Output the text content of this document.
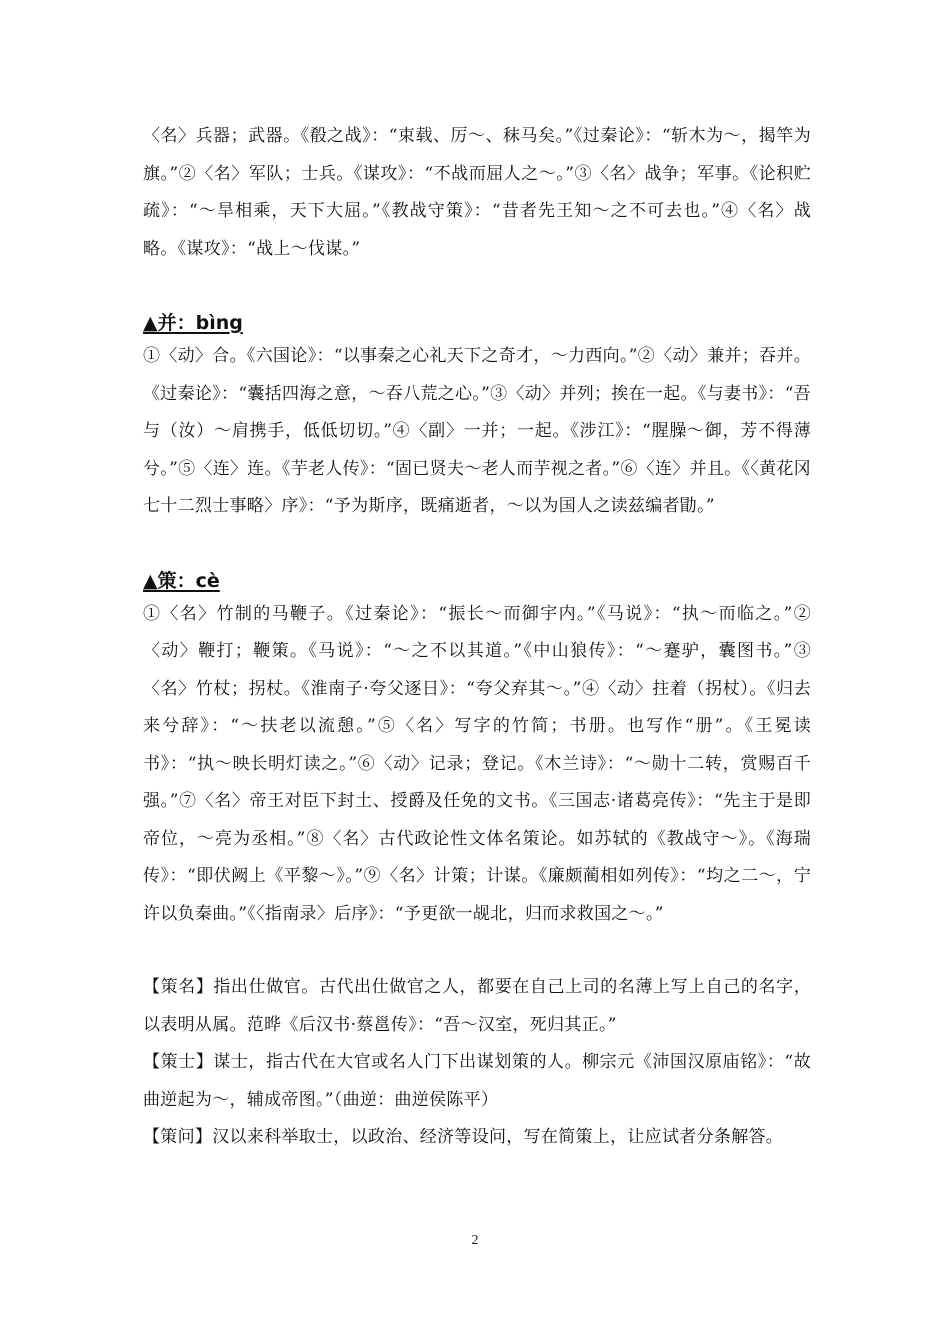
〈名〉兵器；武器。《殽之战》：“束载、厉～、秣马矣。”《过秦论》：“斩木为～，揭竿为旗。”②〈名〉军队；士兵。《谋攻》：“不战而屈人之～。”③〈名〉战争；军事。《论积贮疏》：“～旱相乘，天下大屈。”《教战守策》：“昔者先王知～之不可去也。”④〈名〉战略。《谋攻》：“战上～伐谋。”

▲并：bìng

①〈动〉合。《六国论》：“以事秦之心礼天下之奇才，～力西向。”②〈动〉兼并；吞并。《过秦论》：“囊括四海之意，～吞八荒之心。”③〈动〉并列；挨在一起。《与妻书》：“吾与（汝）～肩携手，低低切切。”④〈副〉一并；一起。《涉江》：“腥臊～御，芳不得薄兮。”⑤〈连〉连。《芋老人传》：“固已贤夫～老人而芋视之者。”⑥〈连〉并且。《〈黄花冈七十二烈士事略〉序》：“予为斯序，既痛逝者，～以为国人之读兹编者勖。”

▲策：cè

①〈名〉竹制的马鞭子。《过秦论》：“振长～而御宇内。”《马说》：“执～而临之。”②〈动〉鞭打；鞭策。《马说》：“～之不以其道。”《中山狼传》：“～蹇驴，囊图书。”③〈名〉竹杖；拐杖。《淮南子·夸父逐日》：“夸父弃其～。”④〈动〉拄着（拐杖）。《归去来兮辞》：“～扶老以流憩。”⑤〈名〉写字的竹简；书册。也写作“册”。《王冕读书》：“执～映长明灯读之。”⑥〈动〉记录；登记。《木兰诗》：“～勋十二转，赏赐百千强。”⑦〈名〉帝王对臣下封土、授爵及任免的文书。《三国志·诸葛亮传》：“先主于是即帝位，～亮为丞相。”⑧〈名〉古代政论性文体名策论。如苏轼的《教战守～》。《海瑞传》：“即伏阙上《平黎～》。”⑨〈名〉计策；计谋。《廉颇蔺相如列传》：“均之二～，宁许以负秦曲。”《〈指南录〉后序》：“予更欲一觇北，归而求救国之～。”

【策名】指出仕做官。古代出仕做官之人，都要在自己上司的名薄上写上自己的名字，以表明从属。范晔《后汉书·蔡邕传》：“吾～汉室，死归其正。”

【策士】谋士，指古代在大官或名人门下出谋划策的人。柳宗元《沛国汉原庙铭》：“故曲逆起为～，辅成帝图。”（曲逆：曲逆侯陈平）

【策问】汉以来科举取士，以政治、经济等设问，写在简策上，让应试者分条解答。

2
